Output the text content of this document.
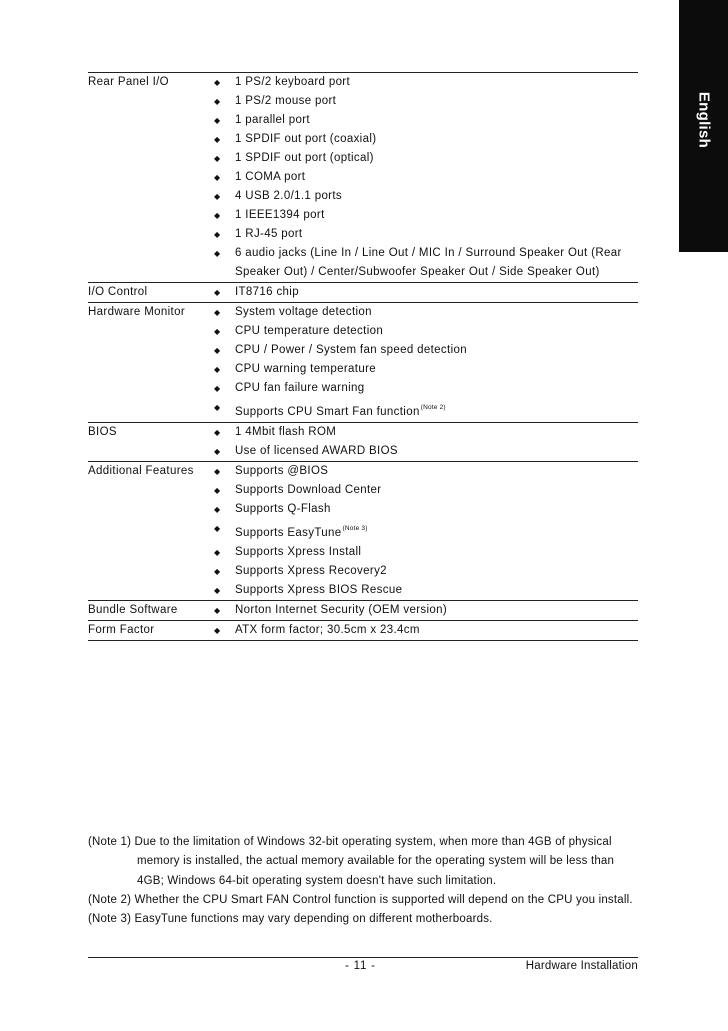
English
Rear Panel I/O	◆	1 PS/2 keyboard port
◆	1 PS/2 mouse port
◆	1 parallel port
◆	1 SPDIF out port (coaxial)
◆	1 SPDIF out port (optical)
◆	1 COMA port
◆	4 USB 2.0/1.1 ports
◆	1 IEEE1394 port
◆	1 RJ-45 port
◆	6 audio jacks (Line In / Line Out / MIC In / Surround Speaker Out (Rear Speaker Out) / Center/Subwoofer Speaker Out / Side Speaker Out)
I/O Control	◆	IT8716 chip
Hardware Monitor	◆	System voltage detection
◆	CPU temperature detection
◆	CPU / Power / System fan speed detection
◆	CPU warning temperature
◆	CPU fan failure warning
◆	Supports CPU Smart Fan function$^{(Note 2)}$
BIOS	◆	1 4Mbit flash ROM
◆	Use of licensed AWARD BIOS
Additional Features	◆	Supports @BIOS
◆	Supports Download Center
◆	Supports Q-Flash
◆	Supports EasyTune$^{(Note 3)}$
◆	Supports Xpress Install
◆	Supports Xpress Recovery2
◆	Supports Xpress BIOS Rescue
Bundle Software	◆	Norton Internet Security (OEM version)
Form Factor	◆	ATX form factor; 30.5cm x 23.4cm
(Note 1) Due to the limitation of Windows 32-bit operating system, when more than 4GB of physical
memory is installed, the actual memory available for the operating system will be less than
4GB; Windows 64-bit operating system doesn't have such limitation.
(Note 2) Whether the CPU Smart FAN Control function is supported will depend on the CPU you install.
(Note 3) EasyTune functions may vary depending on different motherboards.
- 11 -	Hardware Installation
